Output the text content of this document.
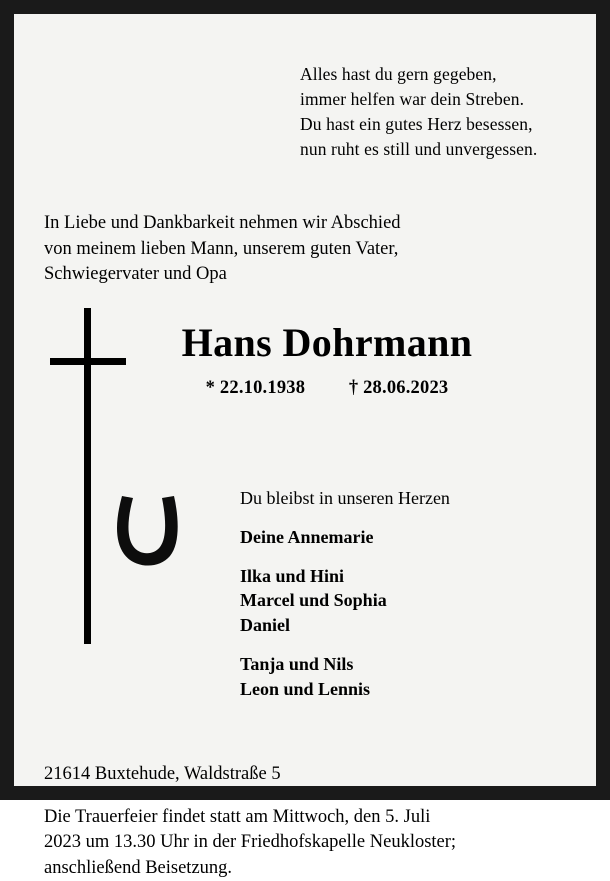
Alles hast du gern gegeben,
immer helfen war dein Streben.
Du hast ein gutes Herz besessen,
nun ruht es still und unvergessen.
In Liebe und Dankbarkeit nehmen wir Abschied
von meinem lieben Mann, unserem guten Vater,
Schwiegervater und Opa
Hans Dohrmann
* 22.10.1938 † 28.06.2023
Du bleibst in unseren Herzen
Deine Annemarie
Ilka und Hini
Marcel und Sophia
Daniel
Tanja und Nils
Leon und Lennis
21614 Buxtehude, Waldstraße 5
Die Trauerfeier findet statt am Mittwoch, den 5. Juli
2023 um 13.30 Uhr in der Friedhofskapelle Neukloster;
anschließend Beisetzung.
